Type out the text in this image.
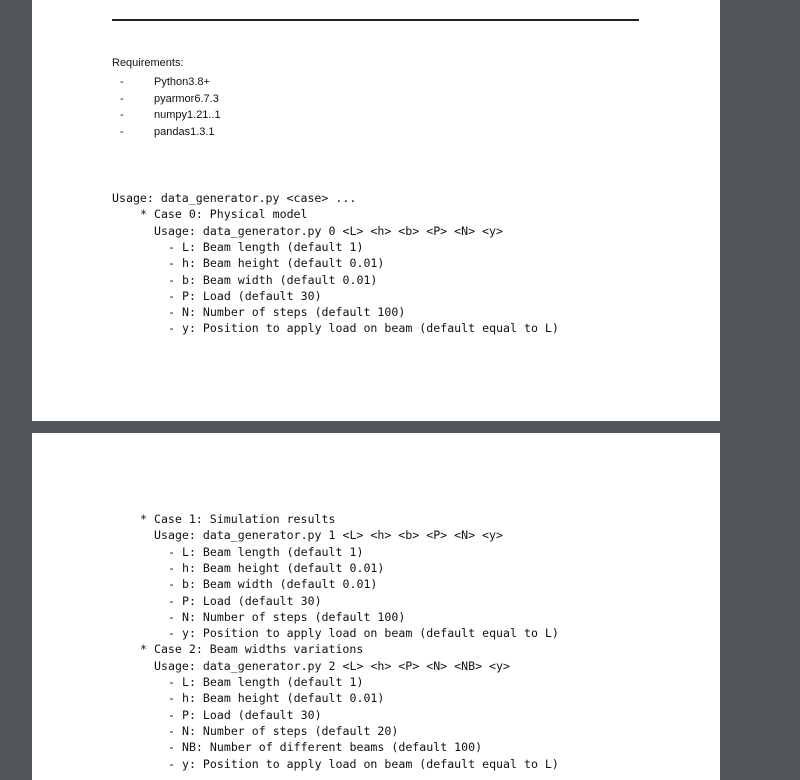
Requirements:
- Python3.8+
- pyarmor6.7.3
- numpy1.21..1
- pandas1.3.1
Usage: data_generator.py <case> ...
* Case 0: Physical model
Usage: data_generator.py 0 <L> <h> <b> <P> <N> <y>
- L: Beam length (default 1)
- h: Beam height (default 0.01)
- b: Beam width (default 0.01)
- P: Load (default 30)
- N: Number of steps (default 100)
- y: Position to apply load on beam (default equal to L)
* Case 1: Simulation results
Usage: data_generator.py 1 <L> <h> <b> <P> <N> <y>
- L: Beam length (default 1)
- h: Beam height (default 0.01)
- b: Beam width (default 0.01)
- P: Load (default 30)
- N: Number of steps (default 100)
- y: Position to apply load on beam (default equal to L)
* Case 2: Beam widths variations
Usage: data_generator.py 2 <L> <h> <P> <N> <NB> <y>
- L: Beam length (default 1)
- h: Beam height (default 0.01)
- P: Load (default 30)
- N: Number of steps (default 20)
- NB: Number of different beams (default 100)
- y: Position to apply load on beam (default equal to L)
